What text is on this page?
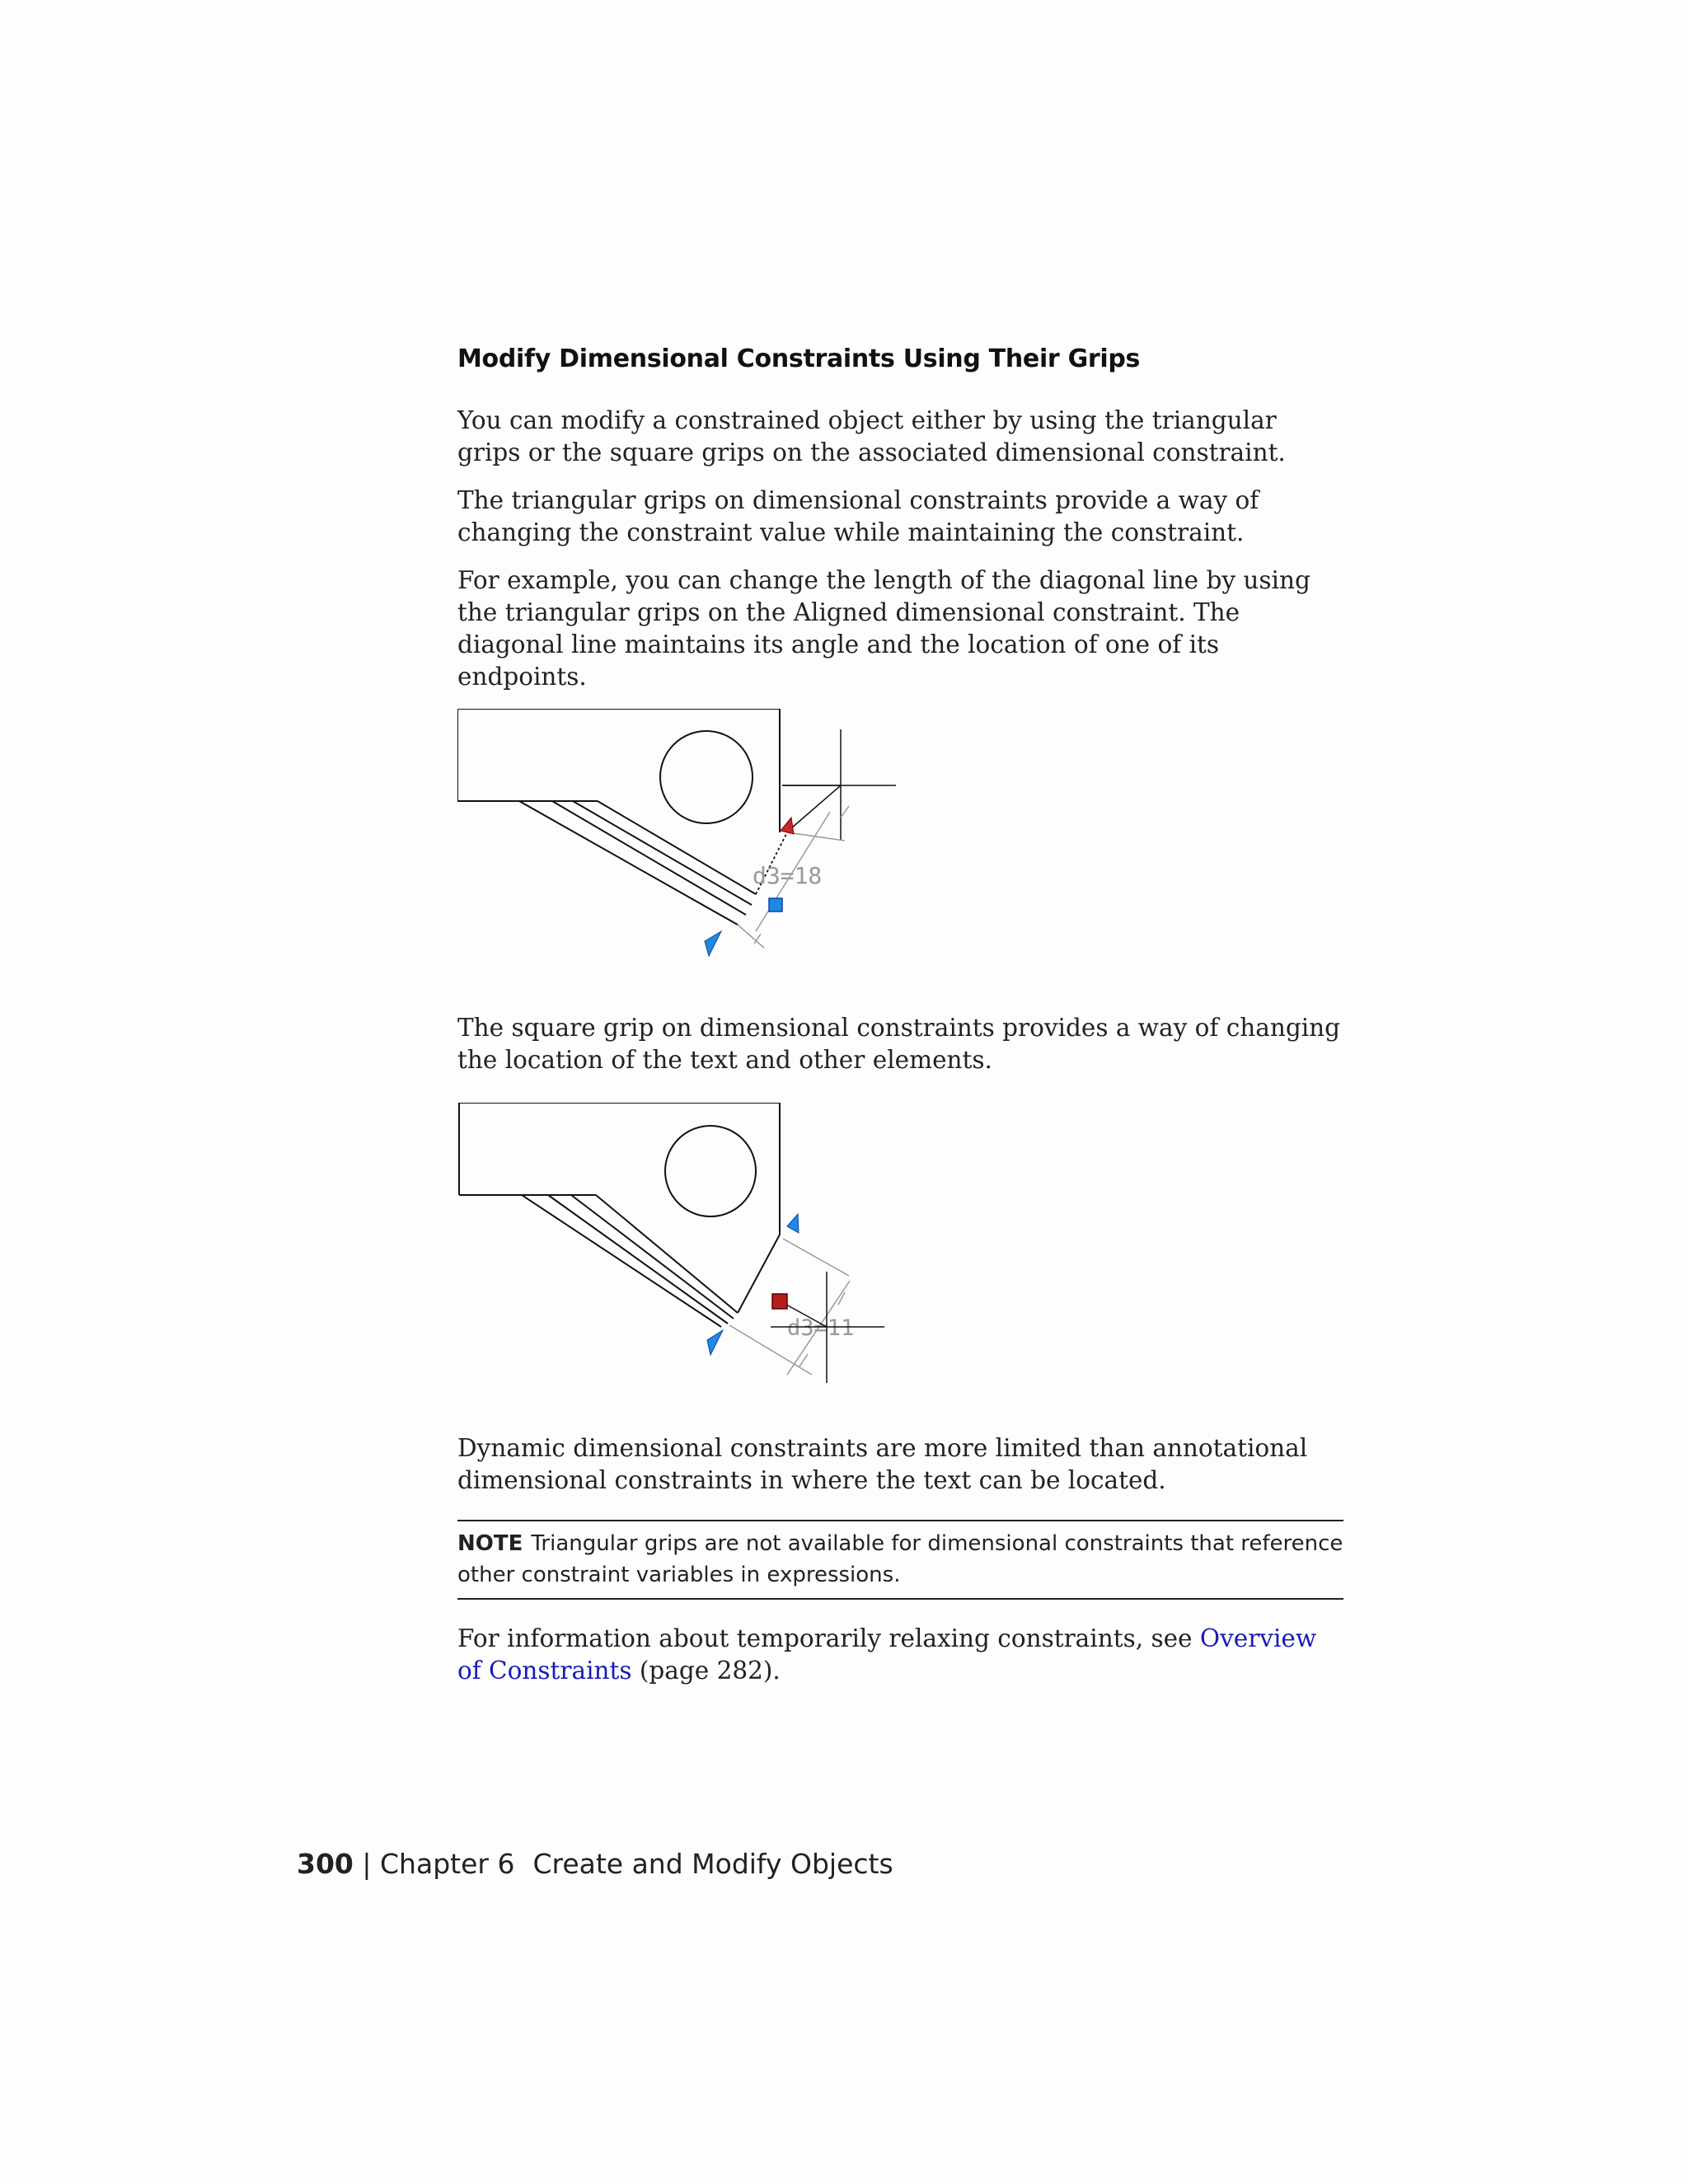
Modify Dimensional Constraints Using Their Grips

You can modify a constrained object either by using the triangular grips or the square grips on the associated dimensional constraint.

The triangular grips on dimensional constraints provide a way of changing the constraint value while maintaining the constraint.

For example, you can change the length of the diagonal line by using the triangular grips on the Aligned dimensional constraint. The diagonal line maintains its angle and the location of one of its endpoints.

d3=18

The square grip on dimensional constraints provides a way of changing the location of the text and other elements.

d3=11

Dynamic dimensional constraints are more limited than annotational dimensional constraints in where the text can be located.

NOTE Triangular grips are not available for dimensional constraints that reference other constraint variables in expressions.

For information about temporarily relaxing constraints, see Overview of Constraints (page 282).

300 | Chapter 6 Create and Modify Objects
